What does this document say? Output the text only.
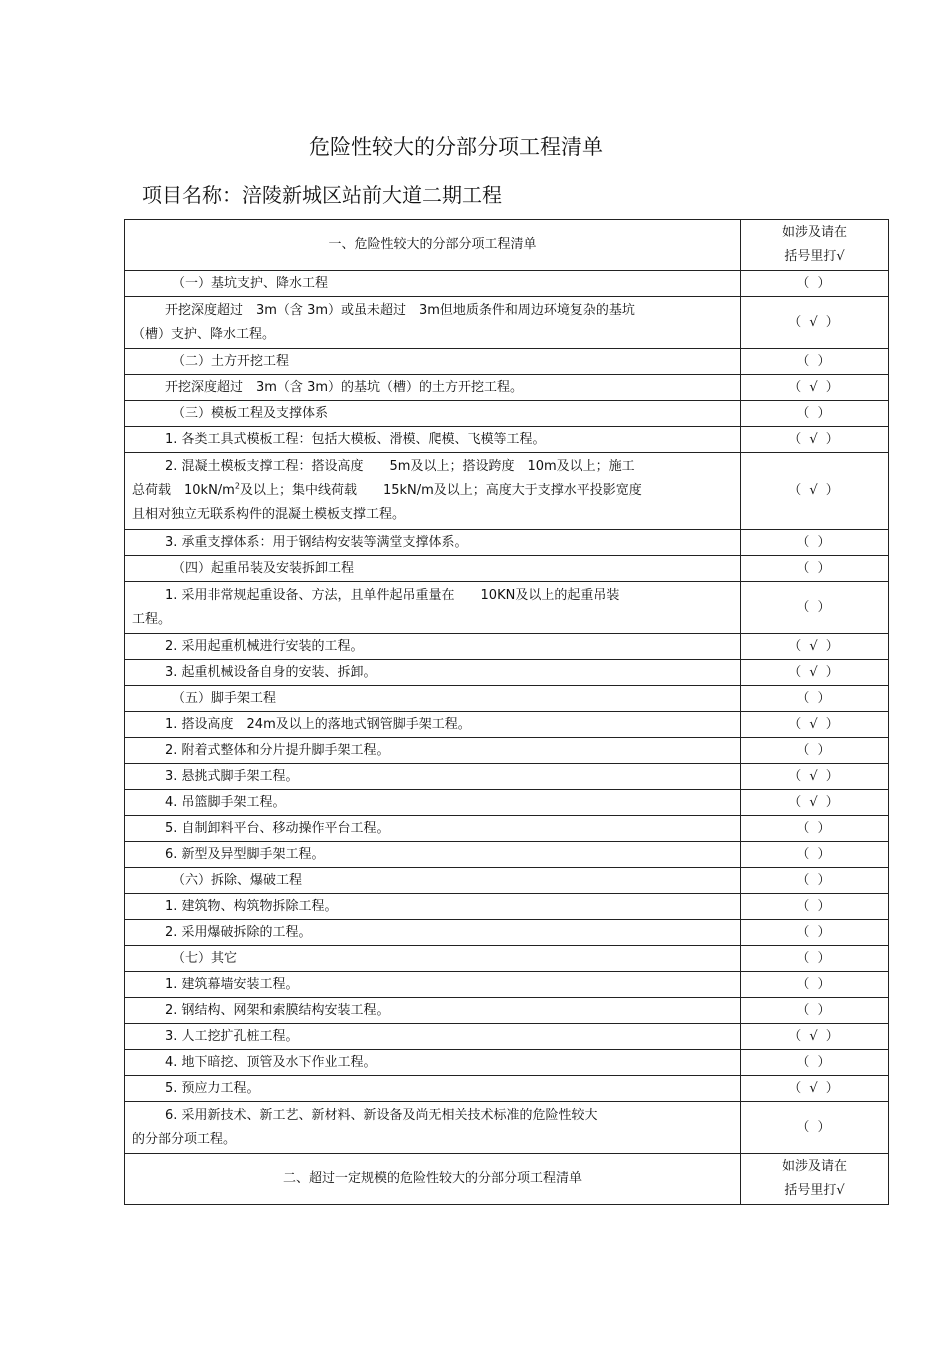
危险性较大的分部分项工程清单
项目名称：涪陵新城区站前大道二期工程
一、危险性较大的分部分项工程清单	如涉及请在
括号里打√

（一）基坑支护、降水工程	（ ）

开挖深度超过　3m（含 3m）或虽未超过　3m但地质条件和周边环境复杂的基坑
（槽）支护、降水工程。	（ √ ）
（二）土方开挖工程	（ ）
开挖深度超过　3m（含 3m）的基坑（槽）的土方开挖工程。	（ √ ）
（三）模板工程及支撑体系	（ ）
1. 各类工具式模板工程：包括大模板、滑模、爬模、飞模等工程。	（ √ ）

2. 混凝土模板支撑工程：搭设高度　　5m及以上；搭设跨度　10m及以上；施工
总荷载　$10kN/m^2$及以上；集中线荷载　　15kN/m及以上；高度大于支撑水平投影宽度
且相对独立无联系构件的混凝土模板支撑工程。	（ √ ）
3. 承重支撑体系：用于钢结构安装等满堂支撑体系。	（ ）
（四）起重吊装及安装拆卸工程	（ ）

1. 采用非常规起重设备、方法，且单件起吊重量在　　10KN及以上的起重吊装
工程。	（ ）
2. 采用起重机械进行安装的工程。	（ √ ）
3. 起重机械设备自身的安装、拆卸。	（ √ ）
（五）脚手架工程	（ ）
1. 搭设高度　24m及以上的落地式钢管脚手架工程。	（ √ ）
2. 附着式整体和分片提升脚手架工程。	（ ）
3. 悬挑式脚手架工程。	（ √ ）
4. 吊篮脚手架工程。	（ √ ）
5. 自制卸料平台、移动操作平台工程。	（ ）
6. 新型及异型脚手架工程。	（ ）
（六）拆除、爆破工程	（ ）
1. 建筑物、构筑物拆除工程。	（ ）
2. 采用爆破拆除的工程。	（ ）
（七）其它	（ ）
1. 建筑幕墙安装工程。	（ ）
2. 钢结构、网架和索膜结构安装工程。	（ ）
3. 人工挖扩孔桩工程。	（ √ ）
4. 地下暗挖、顶管及水下作业工程。	（ ）
5. 预应力工程。	（ √ ）

6. 采用新技术、新工艺、新材料、新设备及尚无相关技术标准的危险性较大
的分部分项工程。	（ ）
二、超过一定规模的危险性较大的分部分项工程清单	如涉及请在
括号里打√
